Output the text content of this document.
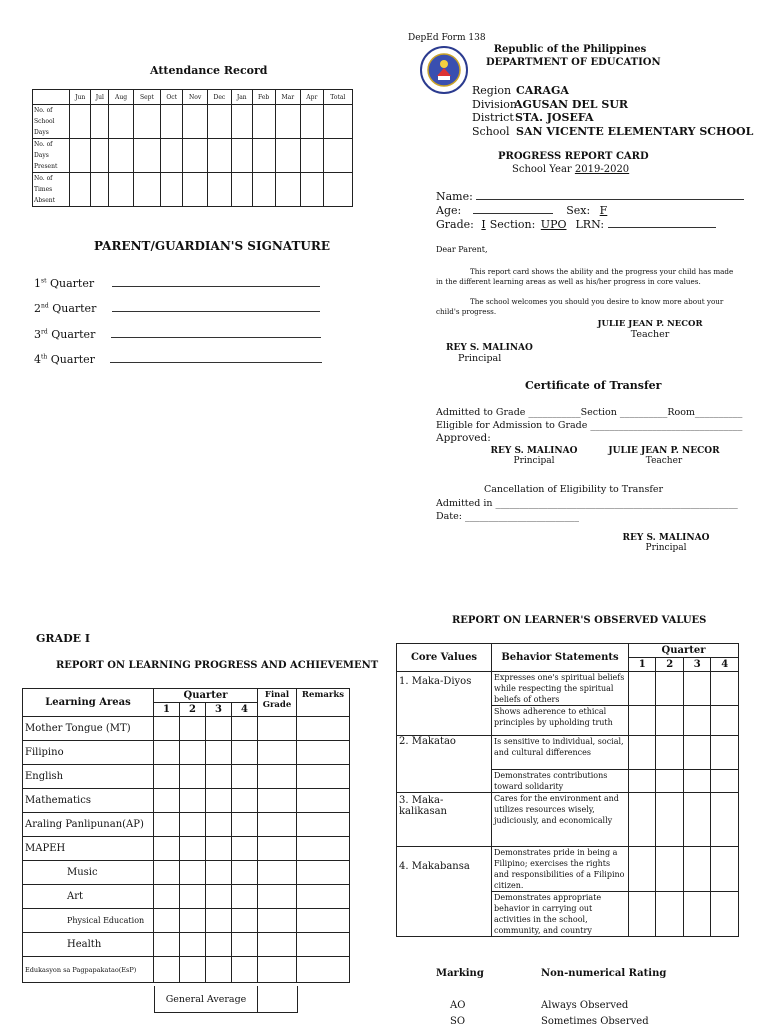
Attendance Record
	Jun	Jul	Aug	Sept	Oct	Nov	Dec	Jan	Feb	Mar	Apr	Total
No. of School Days												
No. of Days Present												
No. of Times Absent												
PARENT/GUARDIAN'S SIGNATURE
1st Quarter
2nd Quarter
3rd Quarter
4th Quarter
DepEd Form 138
Republic of the Philippines
DEPARTMENT OF EDUCATION
Region CARAGA
DivisionAGUSAN DEL SUR
DistrictSTA. JOSEFA
School SAN VICENTE ELEMENTARY SCHOOL
PROGRESS REPORT CARD
School Year 2019-2020
Name:
Age:	Sex: F
Grade: I Section: UPO LRN:
Dear Parent,
This report card shows the ability and the progress your child has made in the different learning areas as well as his/her progress in core values.
The school welcomes you should you desire to know more about your child's progress.
JULIE JEAN P. NECOR
Teacher
REY S. MALINAO
Principal
Certificate of Transfer
Admitted to Grade ___________Section __________Room__________
Eligible for Admission to Grade ________________________________
Approved:
REY S. MALINAO
Principal
JULIE JEAN P. NECOR
Teacher
Cancellation of Eligibility to Transfer
Admitted in ___________________________________________________
Date: ________________________
REY S. MALINAO
Principal
GRADE I
REPORT ON LEARNING PROGRESS AND ACHIEVEMENT
Learning Areas	Quarter				Final Grade	Remarks
	1	2	3	4		
Mother Tongue (MT)						
Filipino						
English						
Mathematics						
Araling Panlipunan(AP)						
MAPEH						
Music						
Art						
Physical Education						
Health						
Edukasyon sa Pagpapakatao(EsP)						
General Average
REPORT ON LEARNER'S OBSERVED VALUES
Core Values	Behavior Statements	Quarter			
		1	2	3	4
1. Maka-Diyos	Expresses one's spiritual beliefs while respecting the spiritual beliefs of others				
	Shows adherence to ethical principles by upholding truth				
2. Makatao	Is sensitive to individual, social, and cultural differences				
	Demonstrates contributions toward solidarity				
3. Maka-kalikasan	Cares for the environment and utilizes resources wisely, judiciously, and economically				
4. Makabansa	Demonstrates pride in being a Filipino; exercises the rights and responsibilities of a Filipino citizen.				
	Demonstrates appropriate behavior in carrying out activities in the school, community, and country				
Marking	Non-numerical Rating
AO	Always Observed
SO	Sometimes Observed
